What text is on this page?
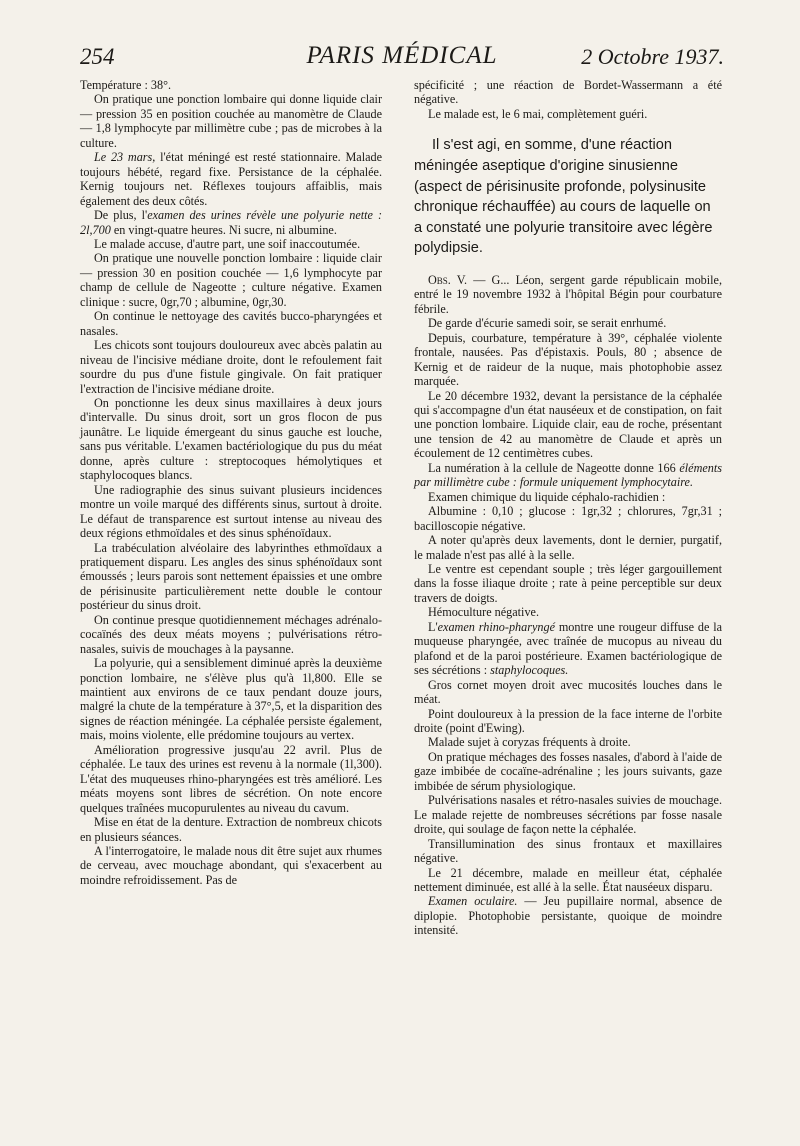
254	PARIS MÉDICAL	2 Octobre 1937.

Température : 38°.

On pratique une ponction lombaire qui donne liquide clair — pression 35 en position couchée au manomètre de Claude — 1,8 lymphocyte par millimètre cube ; pas de microbes à la culture.

Le 23 mars, l'état méningé est resté stationnaire. Malade toujours hébété, regard fixe. Persistance de la céphalée. Kernig toujours net. Réflexes toujours affaiblis, mais également des deux côtés.

De plus, l'examen des urines révèle une polyurie nette : 2l,700 en vingt-quatre heures. Ni sucre, ni albumine.

Le malade accuse, d'autre part, une soif inaccoutumée.

On pratique une nouvelle ponction lombaire : liquide clair — pression 30 en position couchée — 1,6 lymphocyte par champ de cellule de Nageotte ; culture négative. Examen clinique : sucre, 0gr,70 ; albumine, 0gr,30.

On continue le nettoyage des cavités bucco-pharyngées et nasales.

Les chicots sont toujours douloureux avec abcès palatin au niveau de l'incisive médiane droite, dont le refoulement fait sourdre du pus d'une fistule gingivale. On fait pratiquer l'extraction de l'incisive médiane droite.

On ponctionne les deux sinus maxillaires à deux jours d'intervalle. Du sinus droit, sort un gros flocon de pus jaunâtre. Le liquide émergeant du sinus gauche est louche, sans pus véritable. L'examen bactériologique du pus du méat donne, après culture : streptocoques hémolytiques et staphylocoques blancs.

Une radiographie des sinus suivant plusieurs incidences montre un voile marqué des différents sinus, surtout à droite. Le défaut de transparence est surtout intense au niveau des deux régions ethmoïdales et des sinus sphénoïdaux.

La trabéculation alvéolaire des labyrinthes ethmoïdaux a pratiquement disparu. Les angles des sinus sphénoïdaux sont émoussés ; leurs parois sont nettement épaissies et une ombre de périsinusite particulièrement nette double le contour postérieur du sinus droit.

On continue presque quotidiennement méchages adrénalo-cocaïnés des deux méats moyens ; pulvérisations rétro-nasales, suivis de mouchages à la paysanne.

La polyurie, qui a sensiblement diminué après la deuxième ponction lombaire, ne s'élève plus qu'à 1l,800. Elle se maintient aux environs de ce taux pendant douze jours, malgré la chute de la température à 37°,5, et la disparition des signes de réaction méningée. La céphalée persiste également, mais, moins violente, elle prédomine toujours au vertex.

Amélioration progressive jusqu'au 22 avril. Plus de céphalée. Le taux des urines est revenu à la normale (1l,300). L'état des muqueuses rhino-pharyngées est très amélioré. Les méats moyens sont libres de sécrétion. On note encore quelques traînées mucopurulentes au niveau du cavum.

Mise en état de la denture. Extraction de nombreux chicots en plusieurs séances.

A l'interrogatoire, le malade nous dit être sujet aux rhumes de cerveau, avec mouchage abondant, qui s'exacerbent au moindre refroidissement. Pas de

spécificité ; une réaction de Bordet-Wassermann a été négative.

Le malade est, le 6 mai, complètement guéri.

Il s'est agi, en somme, d'une réaction méningée aseptique d'origine sinusienne (aspect de périsinusite profonde, polysinusite chronique réchauffée) au cours de laquelle on a constaté une polyurie transitoire avec légère polydipsie.

Obs. V. — G... Léon, sergent garde républicain mobile, entré le 19 novembre 1932 à l'hôpital Bégin pour courbature fébrile.

De garde d'écurie samedi soir, se serait enrhumé.

Depuis, courbature, température à 39°, céphalée violente frontale, nausées. Pas d'épistaxis. Pouls, 80 ; absence de Kernig et de raideur de la nuque, mais photophobie assez marquée.

Le 20 décembre 1932, devant la persistance de la céphalée qui s'accompagne d'un état nauséeux et de constipation, on fait une ponction lombaire. Liquide clair, eau de roche, présentant une tension de 42 au manomètre de Claude et après un écoulement de 12 centimètres cubes.

La numération à la cellule de Nageotte donne 166 éléments par millimètre cube : formule uniquement lymphocytaire.

Examen chimique du liquide céphalo-rachidien :

Albumine : 0,10 ; glucose : 1gr,32 ; chlorures, 7gr,31 ; bacilloscopie négative.

A noter qu'après deux lavements, dont le dernier, purgatif, le malade n'est pas allé à la selle.

Le ventre est cependant souple ; très léger gargouillement dans la fosse iliaque droite ; rate à peine perceptible sur deux travers de doigts.

Hémoculture négative.

L'examen rhino-pharyngé montre une rougeur diffuse de la muqueuse pharyngée, avec traînée de mucopus au niveau du plafond et de la paroi postérieure. Examen bactériologique de ses sécrétions : staphylocoques.

Gros cornet moyen droit avec mucosités louches dans le méat.

Point douloureux à la pression de la face interne de l'orbite droite (point d'Ewing).

Malade sujet à coryzas fréquents à droite.

On pratique méchages des fosses nasales, d'abord à l'aide de gaze imbibée de cocaïne-adrénaline ; les jours suivants, gaze imbibée de sérum physiologique.

Pulvérisations nasales et rétro-nasales suivies de mouchage. Le malade rejette de nombreuses sécrétions par fosse nasale droite, qui soulage de façon nette la céphalée.

Transillumination des sinus frontaux et maxillaires négative.

Le 21 décembre, malade en meilleur état, céphalée nettement diminuée, est allé à la selle. État nauséeux disparu.

Examen oculaire. — Jeu pupillaire normal, absence de diplopie. Photophobie persistante, quoique de moindre intensité.
